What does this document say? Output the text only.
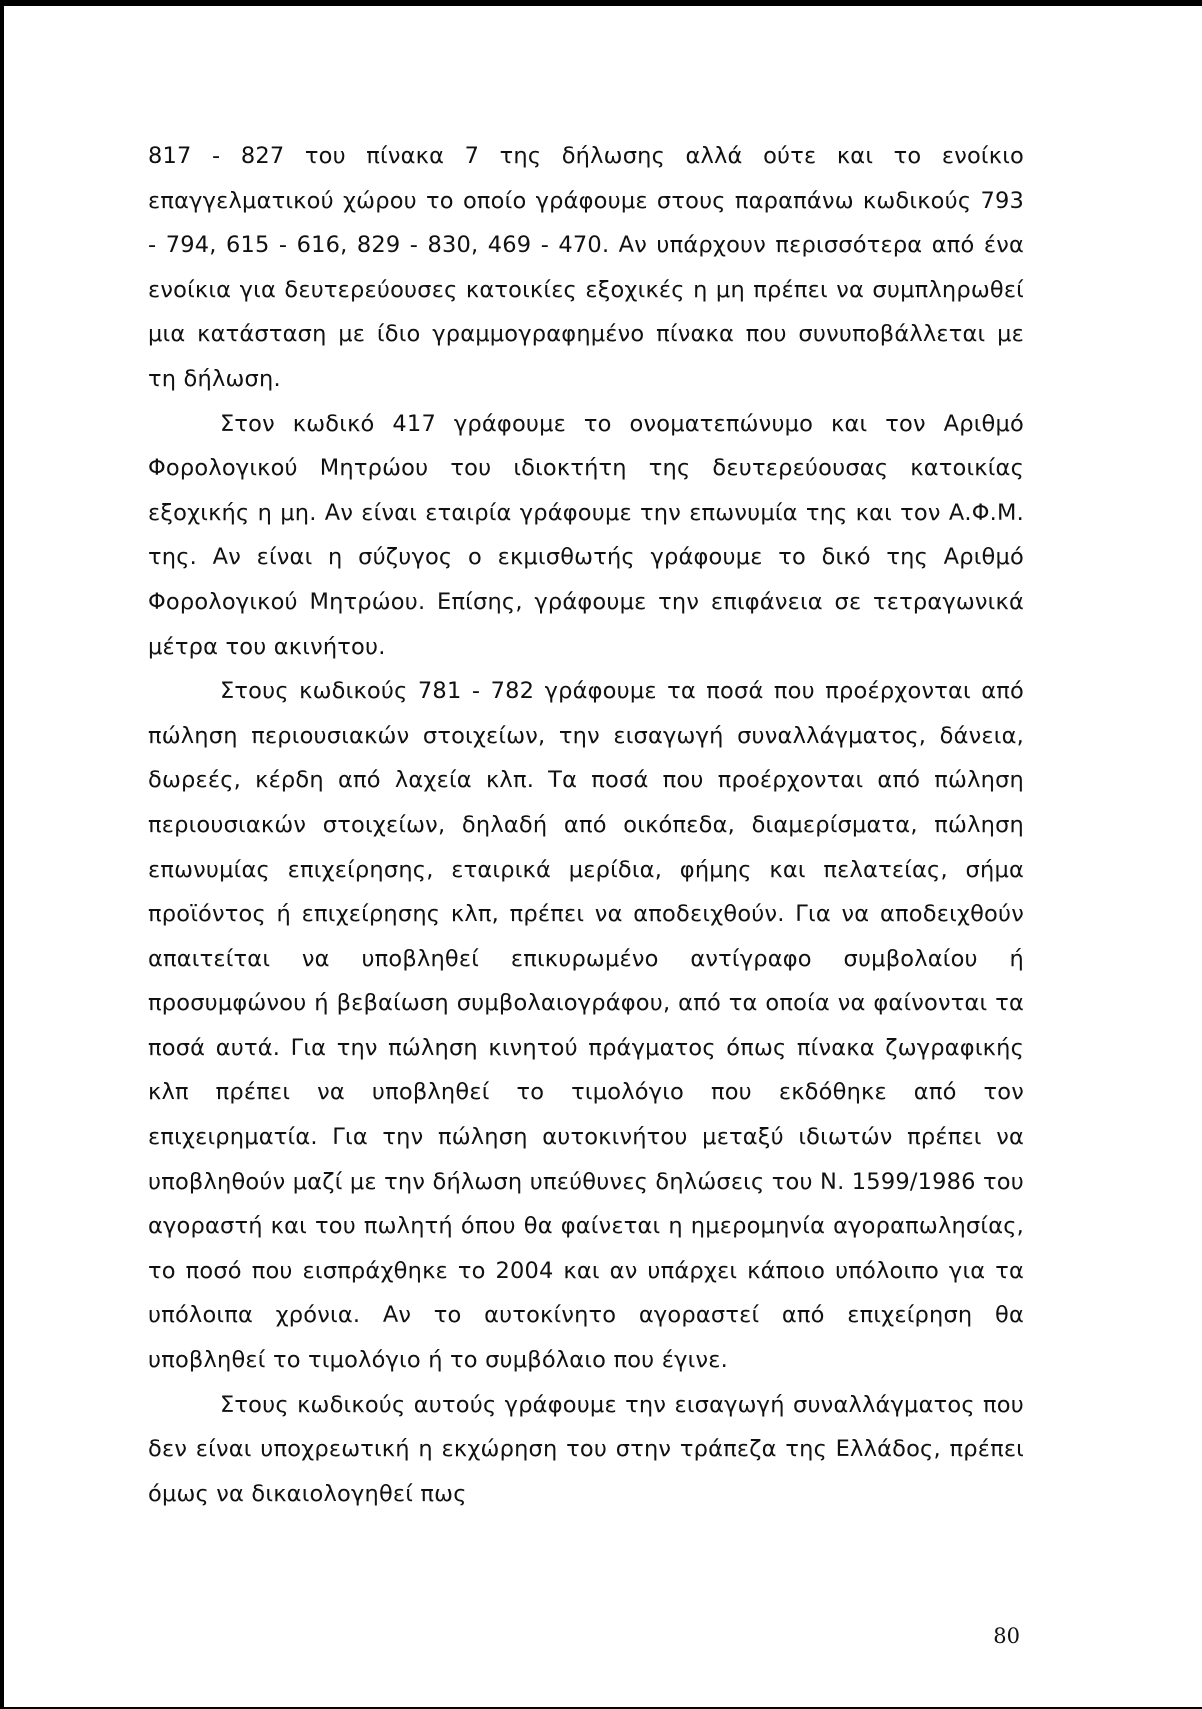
817 - 827 του πίνακα 7 της δήλωσης αλλά ούτε και το ενοίκιο επαγγελματικού χώρου το οποίο γράφουμε στους παραπάνω κωδικούς 793 - 794, 615 - 616, 829 - 830, 469 - 470. Αν υπάρχουν περισσότερα από ένα ενοίκια για δευτερεύουσες κατοικίες εξοχικές η μη πρέπει να συμπληρωθεί μια κατάσταση με ίδιο γραμμογραφημένο πίνακα που συνυποβάλλεται με τη δήλωση.

Στον κωδικό 417 γράφουμε το ονοματεπώνυμο και τον Αριθμό Φορολογικού Μητρώου του ιδιοκτήτη της δευτερεύουσας κατοικίας εξοχικής η μη. Αν είναι εταιρία γράφουμε την επωνυμία της και τον Α.Φ.Μ. της. Αν είναι η σύζυγος ο εκμισθωτής γράφουμε το δικό της Αριθμό Φορολογικού Μητρώου. Επίσης, γράφουμε την επιφάνεια σε τετραγωνικά μέτρα του ακινήτου.

Στους κωδικούς 781 - 782 γράφουμε τα ποσά που προέρχονται από πώληση περιουσιακών στοιχείων, την εισαγωγή συναλλάγματος, δάνεια, δωρεές, κέρδη από λαχεία κλπ. Τα ποσά που προέρχονται από πώληση περιουσιακών στοιχείων, δηλαδή από οικόπεδα, διαμερίσματα, πώληση επωνυμίας επιχείρησης, εταιρικά μερίδια, φήμης και πελατείας, σήμα προϊόντος ή επιχείρησης κλπ, πρέπει να αποδειχθούν. Για να αποδειχθούν απαιτείται να υποβληθεί επικυρωμένο αντίγραφο συμβολαίου ή προσυμφώνου ή βεβαίωση συμβολαιογράφου, από τα οποία να φαίνονται τα ποσά αυτά. Για την πώληση κινητού πράγματος όπως πίνακα ζωγραφικής κλπ πρέπει να υποβληθεί το τιμολόγιο που εκδόθηκε από τον επιχειρηματία. Για την πώληση αυτοκινήτου μεταξύ ιδιωτών πρέπει να υποβληθούν μαζί με την δήλωση υπεύθυνες δηλώσεις του Ν. 1599/1986 του αγοραστή και του πωλητή όπου θα φαίνεται η ημερομηνία αγοραπωλησίας, το ποσό που εισπράχθηκε το 2004 και αν υπάρχει κάποιο υπόλοιπο για τα υπόλοιπα χρόνια. Αν το αυτοκίνητο αγοραστεί από επιχείρηση θα υποβληθεί το τιμολόγιο ή το συμβόλαιο που έγινε.

Στους κωδικούς αυτούς γράφουμε την εισαγωγή συναλλάγματος που δεν είναι υποχρεωτική η εκχώρηση του στην τράπεζα της Ελλάδος, πρέπει όμως να δικαιολογηθεί πως

80
